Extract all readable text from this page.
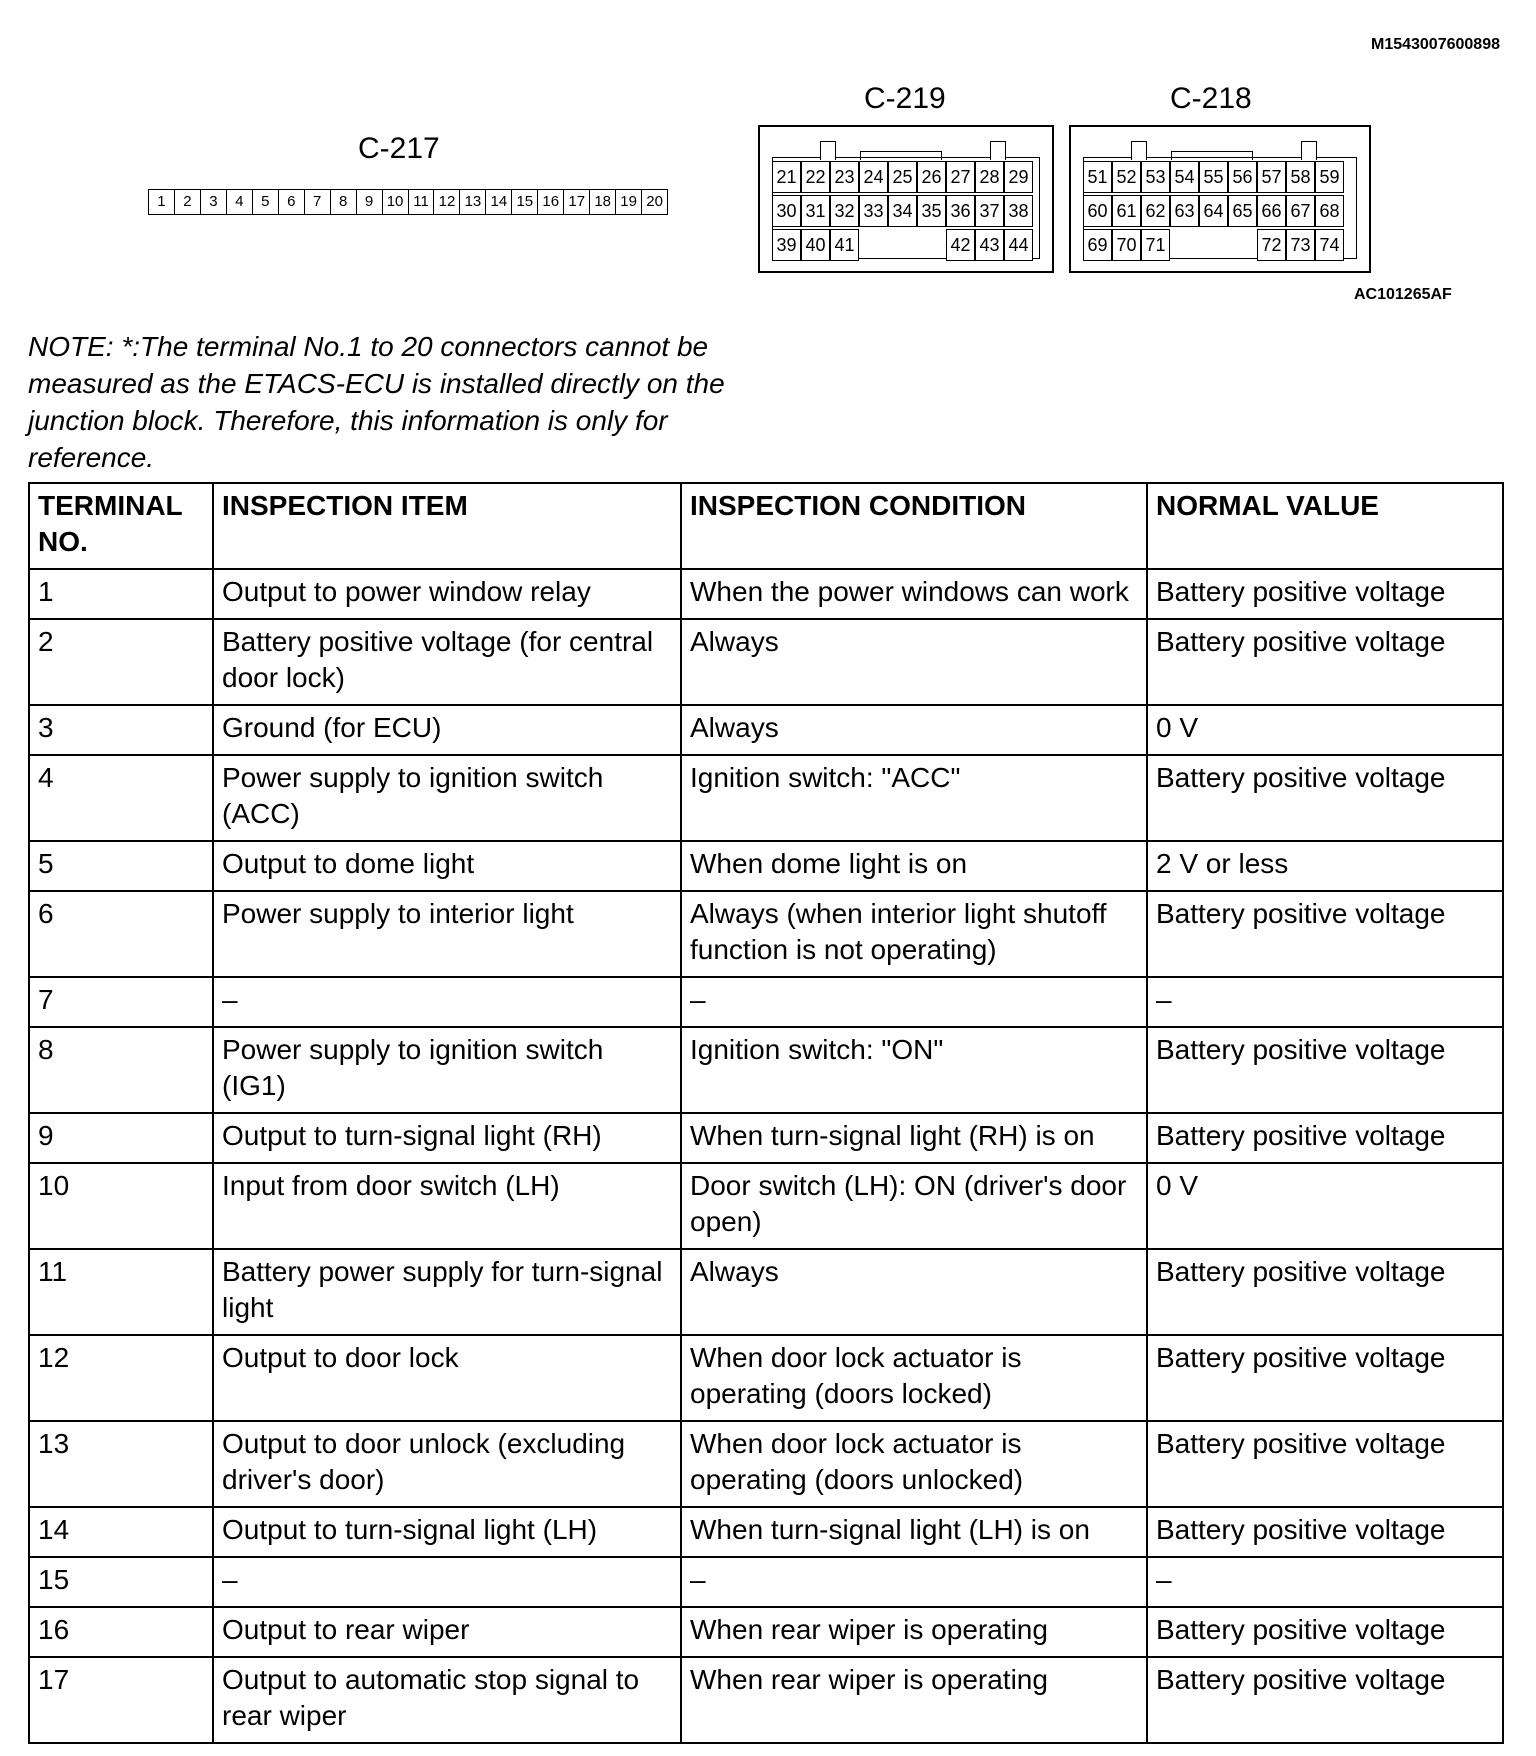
M1543007600898
C-217
1	2	3	4	5	6	7	8	9 10 11 12 13 14 15 16 17 18 19 20
C-219
21 22 23 24 25 26 27 28 29
30 31 32 33 34 35 36 37 38
39 40 41	42 43 44
C-218
51 52 53 54 55 56 57 58 59
60 61 62 63 64 65 66 67 68
69 70 71	72 73 74
AC101265AF
NOTE: *:The terminal No.1 to 20 connectors cannot be measured as the ETACS-ECU is installed directly on the junction block. Therefore, this information is only for reference.
TERMINAL NO.	INSPECTION ITEM	INSPECTION CONDITION	NORMAL VALUE
1	Output to power window relay	When the power windows can work	Battery positive voltage
2	Battery positive voltage (for central door lock)	Always	Battery positive voltage
3	Ground (for ECU)	Always	0 V
4	Power supply to ignition switch (ACC)	Ignition switch: "ACC"	Battery positive voltage
5	Output to dome light	When dome light is on	2 V or less
6	Power supply to interior light	Always (when interior light shutoff function is not operating)	Battery positive voltage
7	–	–	–
8	Power supply to ignition switch (IG1)	Ignition switch: "ON"	Battery positive voltage
9	Output to turn-signal light (RH)	When turn-signal light (RH) is on	Battery positive voltage
10	Input from door switch (LH)	Door switch (LH): ON (driver's door open)	0 V
11	Battery power supply for turn-signal light	Always	Battery positive voltage
12	Output to door lock	When door lock actuator is operating (doors locked)	Battery positive voltage
13	Output to door unlock (excluding driver's door)	When door lock actuator is operating (doors unlocked)	Battery positive voltage
14	Output to turn-signal light (LH)	When turn-signal light (LH) is on	Battery positive voltage
15	–	–	–
16	Output to rear wiper	When rear wiper is operating	Battery positive voltage
17	Output to automatic stop signal to rear wiper	When rear wiper is operating	Battery positive voltage
